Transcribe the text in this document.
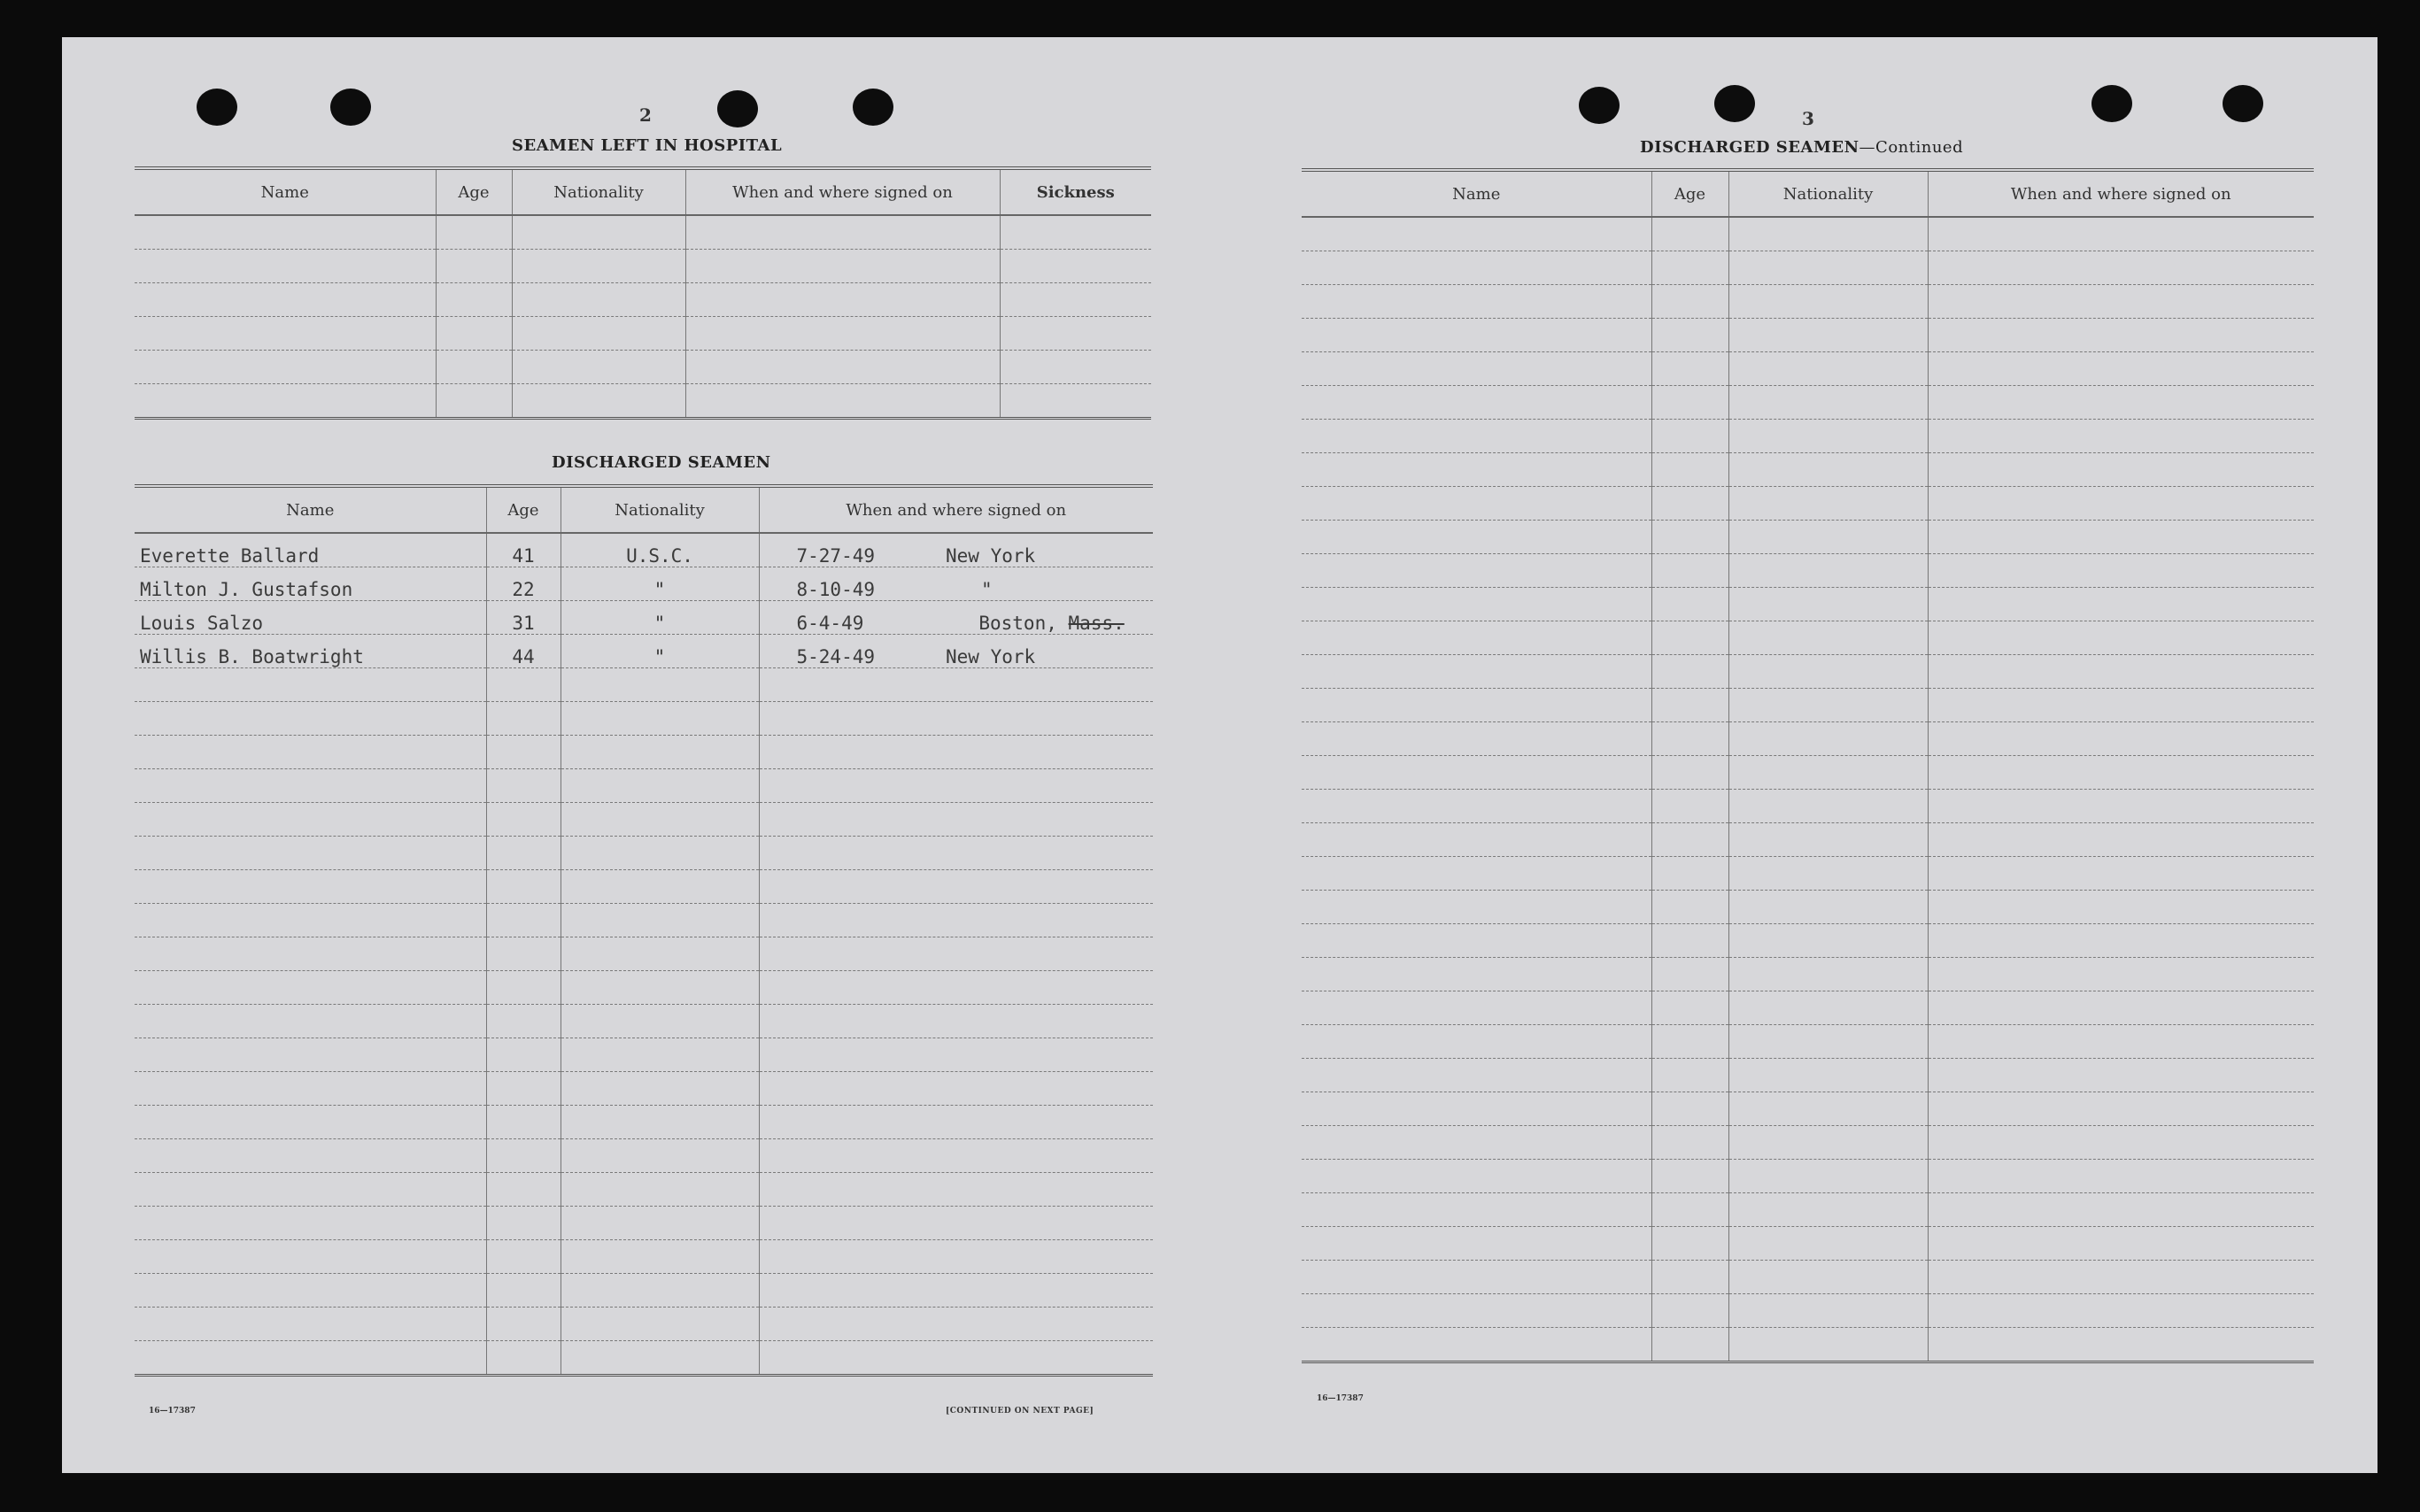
2
SEAMEN LEFT IN HOSPITAL
Name	Age	Nationality	When and where signed on	Sickness

DISCHARGED SEAMEN
Name	Age	Nationality	When and where signed on
Everette Ballard	41	U.S.C.	7-27-49 New York
Milton J. Gustafson	22	"	8-10-49 "
Louis Salzo	31	"	6-4-49 Boston, Mass.
Willis B. Boatwright	44	"	5-24-49 New York

16—17387	[CONTINUED ON NEXT PAGE]
3
DISCHARGED SEAMEN—Continued
Name	Age	Nationality	When and where signed on

16—17387
